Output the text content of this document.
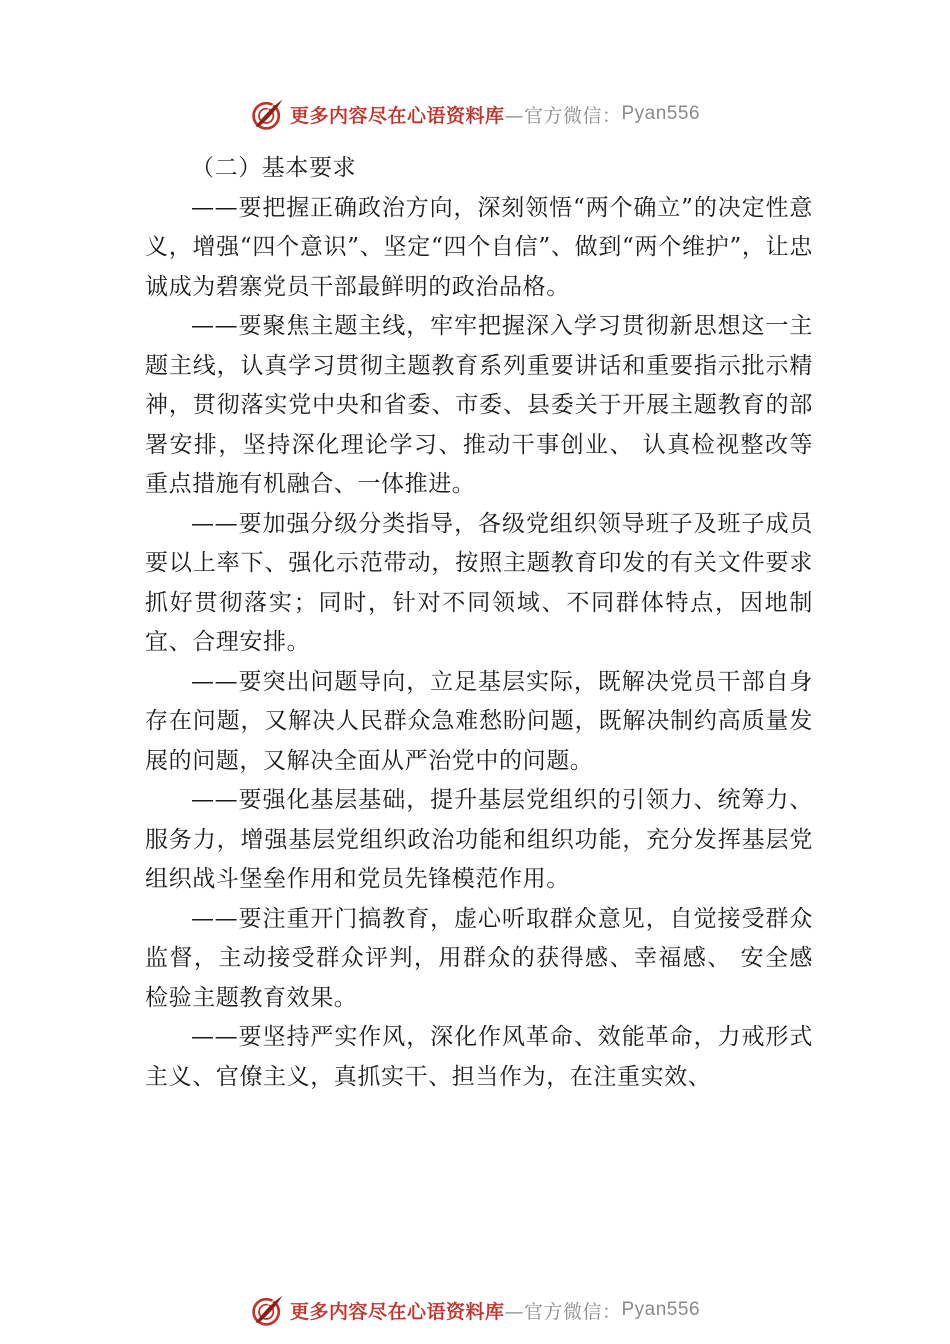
更多内容尽在心语资料库 —官方微信： Pyan556

（二）基本要求

——要把握正确政治方向，深刻领悟“两个确立”的决定性意义，增强“四个意识”、坚定“四个自信”、做到“两个维护”，让忠诚成为碧寨党员干部最鲜明的政治品格。

——要聚焦主题主线，牢牢把握深入学习贯彻新思想这一主题主线，认真学习贯彻主题教育系列重要讲话和重要指示批示精神，贯彻落实党中央和省委、市委、县委关于开展主题教育的部署安排，坚持深化理论学习、推动干事创业、 认真检视整改等重点措施有机融合、一体推进。

——要加强分级分类指导，各级党组织领导班子及班子成员要以上率下、强化示范带动，按照主题教育印发的有关文件要求抓好贯彻落实；同时，针对不同领域、不同群体特点，因地制宜、合理安排。

——要突出问题导向，立足基层实际，既解决党员干部自身存在问题，又解决人民群众急难愁盼问题，既解决制约高质量发展的问题，又解决全面从严治党中的问题。

——要强化基层基础，提升基层党组织的引领力、统筹力、服务力，增强基层党组织政治功能和组织功能，充分发挥基层党组织战斗堡垒作用和党员先锋模范作用。

——要注重开门搞教育，虚心听取群众意见，自觉接受群众监督，主动接受群众评判，用群众的获得感、幸福感、 安全感检验主题教育效果。

——要坚持严实作风，深化作风革命、效能革命，力戒形式主义、官僚主义，真抓实干、担当作为，在注重实效、

更多内容尽在心语资料库 —官方微信： Pyan556
